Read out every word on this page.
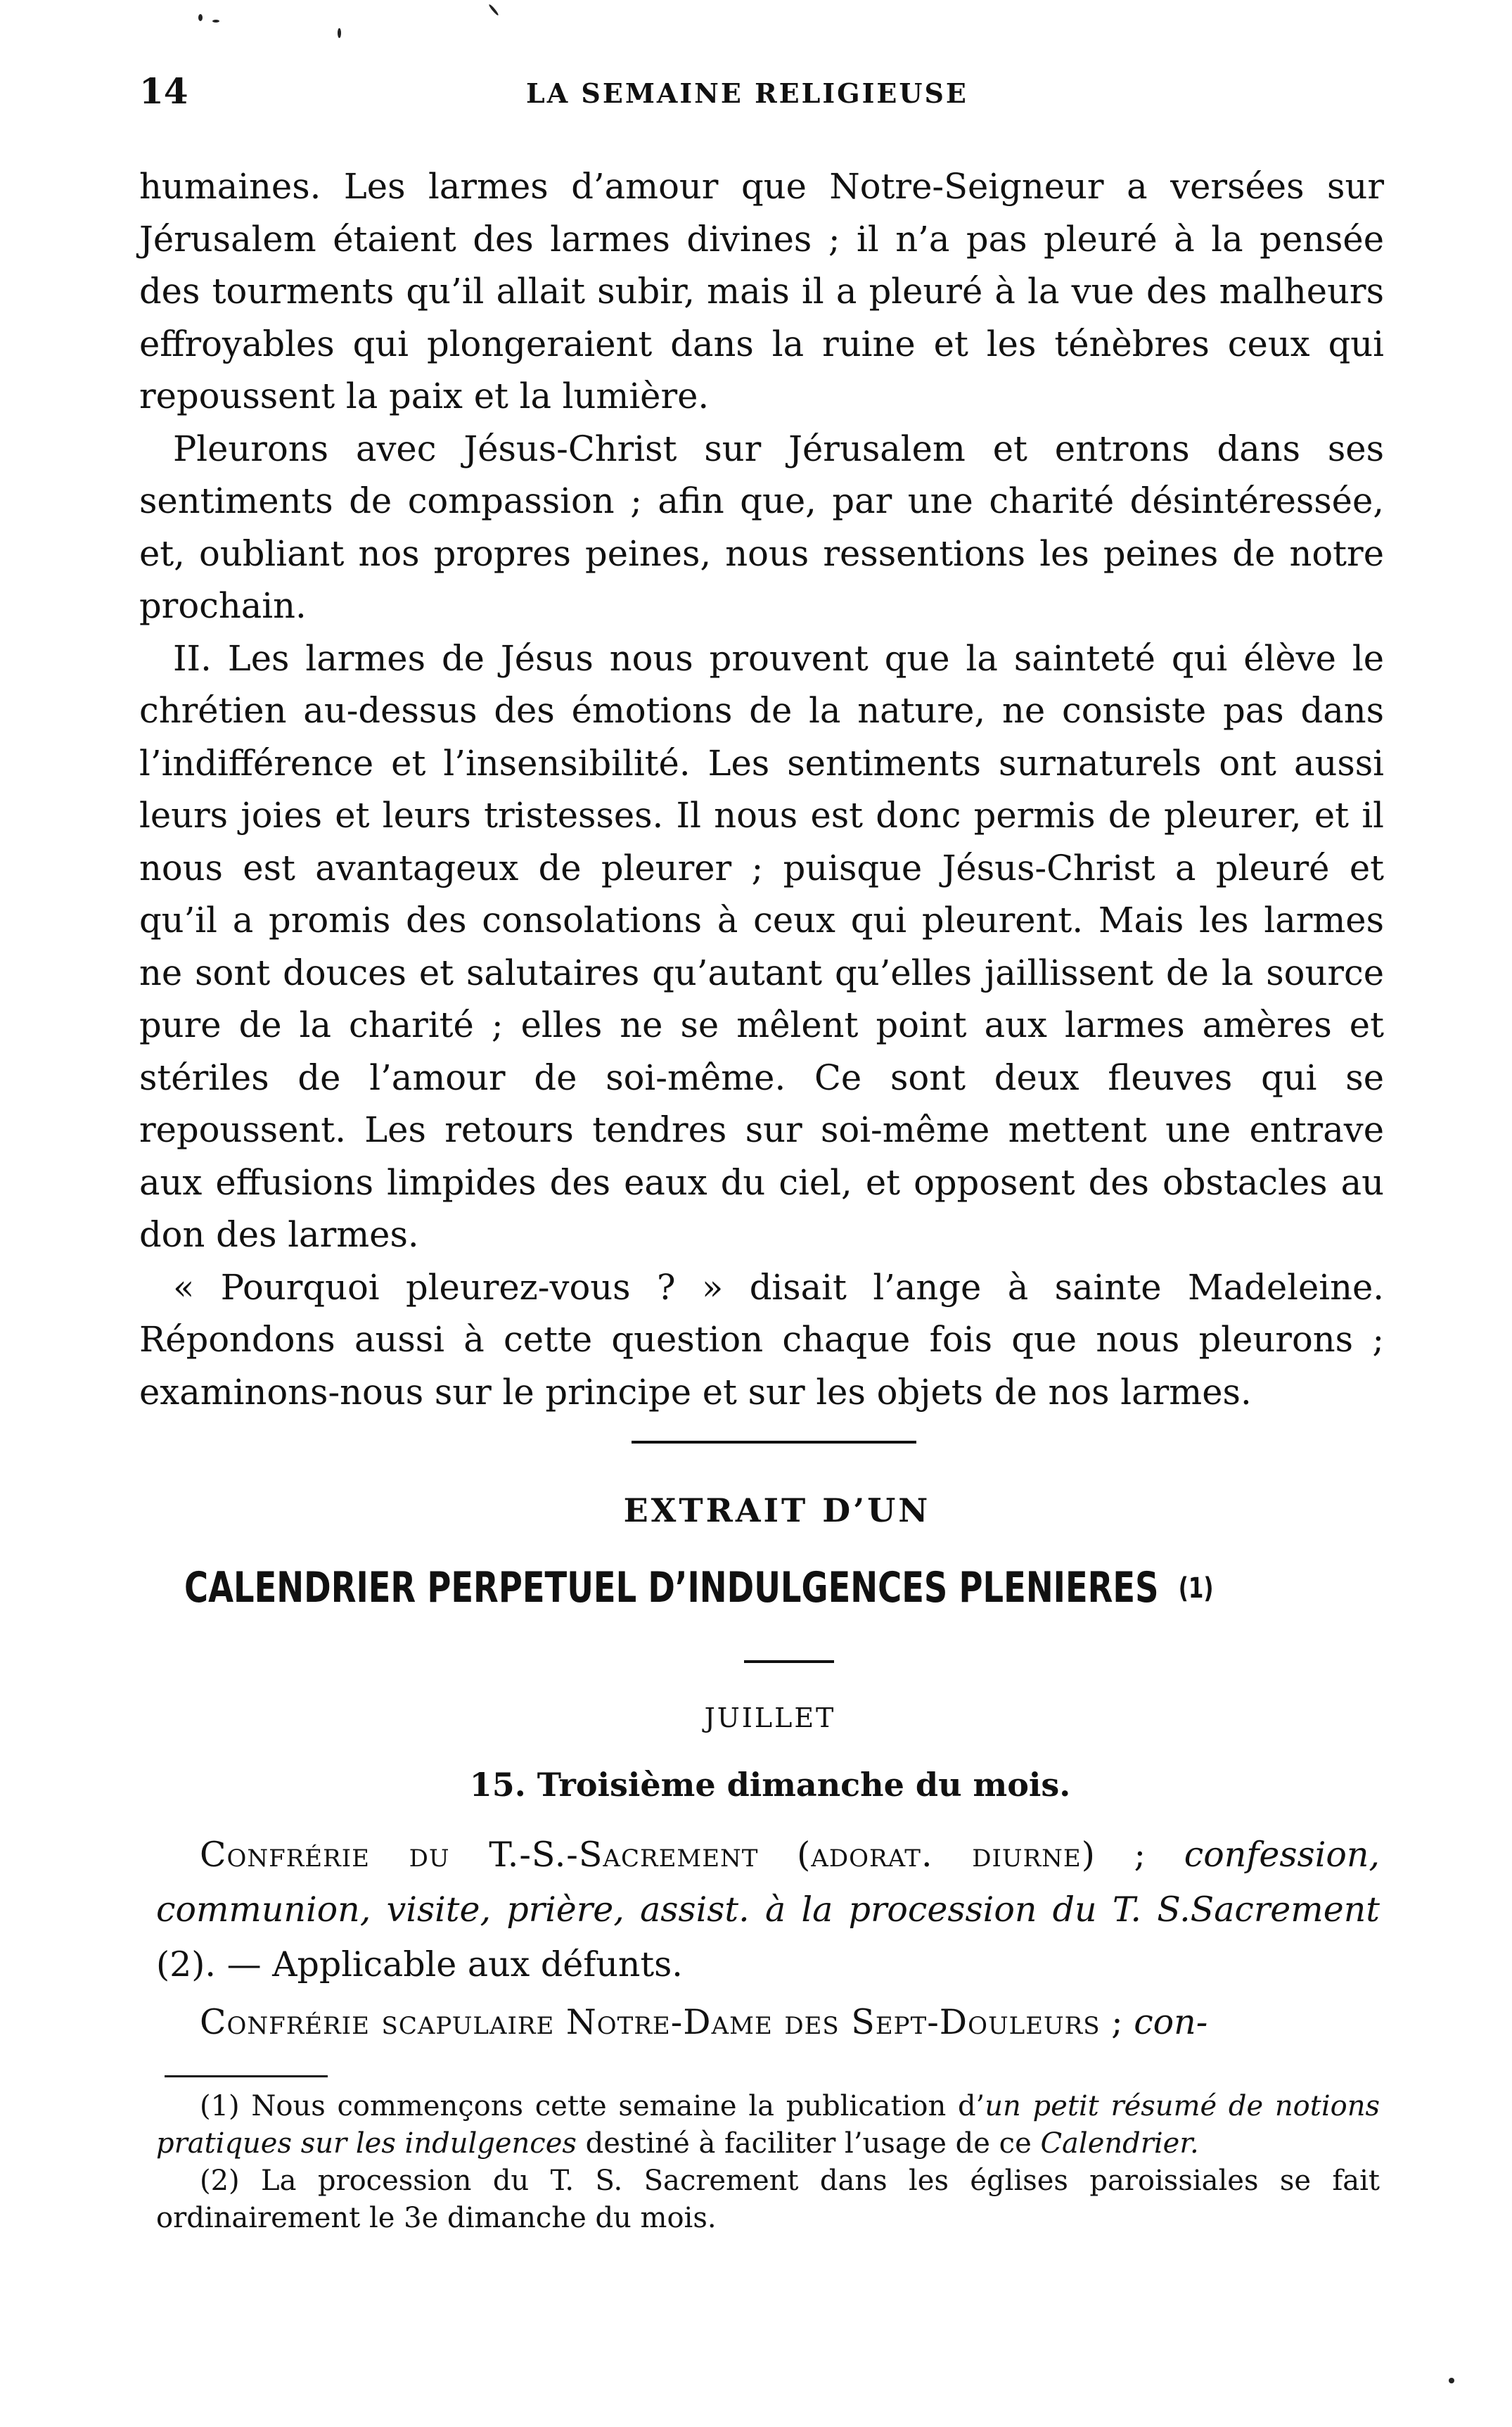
14	LA SEMAINE RELIGIEUSE

humaines. Les larmes d’amour que Notre-Seigneur a versées sur Jérusalem étaient des larmes divines ; il n’a pas pleuré à la pensée des tourments qu’il allait subir, mais il a pleuré à la vue des malheurs effroyables qui plongeraient dans la ruine et les ténèbres ceux qui repoussent la paix et la lumière.

Pleurons avec Jésus-Christ sur Jérusalem et entrons dans ses sentiments de compassion ; afin que, par une charité désintéressée, et, oubliant nos propres peines, nous ressentions les peines de notre prochain.

II. Les larmes de Jésus nous prouvent que la sainteté qui élève le chrétien au-dessus des émotions de la nature, ne consiste pas dans l’indifférence et l’insensibilité. Les sentiments surnaturels ont aussi leurs joies et leurs tristesses. Il nous est donc permis de pleurer, et il nous est avantageux de pleurer ; puisque Jésus-Christ a pleuré et qu’il a promis des consolations à ceux qui pleurent. Mais les larmes ne sont douces et salutaires qu’autant qu’elles jaillissent de la source pure de la charité ; elles ne se mêlent point aux larmes amères et stériles de l’amour de soi-même. Ce sont deux fleuves qui se repoussent. Les retours tendres sur soi-même mettent une entrave aux effusions limpides des eaux du ciel, et opposent des obstacles au don des larmes.

« Pourquoi pleurez-vous ? » disait l’ange à sainte Madeleine. Répondons aussi à cette question chaque fois que nous pleurons ; examinons-nous sur le principe et sur les objets de nos larmes.

EXTRAIT D’UN
CALENDRIER PERPETUEL D’INDULGENCES PLENIERES (1)
JUILLET
15. Troisième dimanche du mois.

Confrérie du T.-S.-Sacrement (adorat. diurne) ; confession, communion, visite, prière, assist. à la procession du T. S.Sacrement (2). — Applicable aux défunts.

Confrérie scapulaire Notre-Dame des Sept-Douleurs ; con-

(1) Nous commençons cette semaine la publication d’un petit résumé de notions pratiques sur les indulgences destiné à faciliter l’usage de ce Calendrier.

(2) La procession du T. S. Sacrement dans les églises paroissiales se fait ordinairement le 3e dimanche du mois.
